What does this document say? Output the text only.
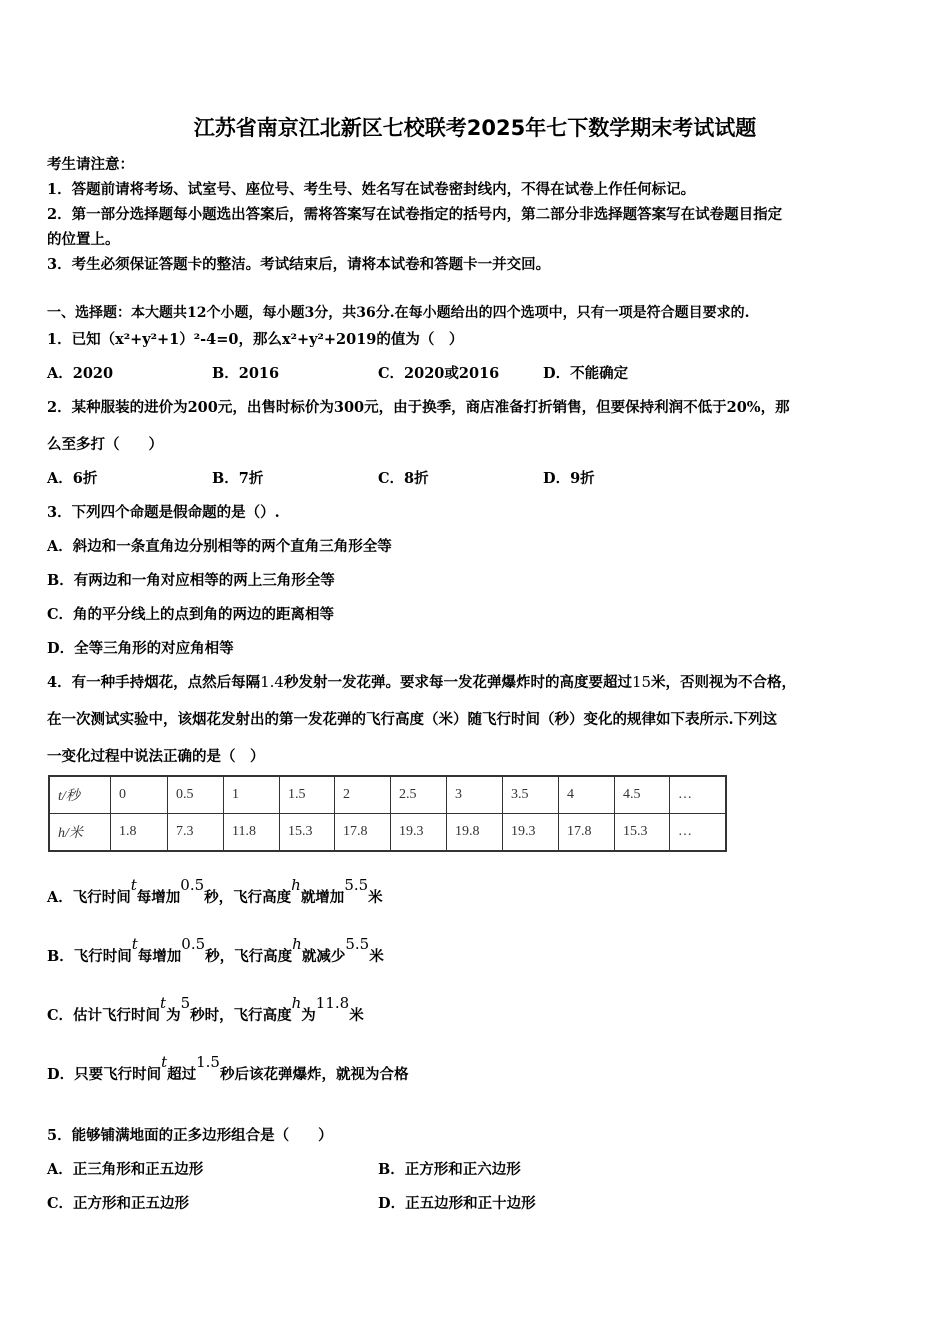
江苏省南京江北新区七校联考2025年七下数学期末考试试题
考生请注意：
1．答题前请将考场、试室号、座位号、考生号、姓名写在试卷密封线内，不得在试卷上作任何标记。
2．第一部分选择题每小题选出答案后，需将答案写在试卷指定的括号内，第二部分非选择题答案写在试卷题目指定
的位置上。
3．考生必须保证答题卡的整洁。考试结束后，请将本试卷和答题卡一并交回。
一、选择题：本大题共12个小题，每小题3分，共36分.在每小题给出的四个选项中，只有一项是符合题目要求的.
1．已知（x²+y²+1）²-4=0，那么x²+y²+2019的值为（　）
A．2020	B．2016	C．2020或2016	D．不能确定
2．某种服装的进价为200元，出售时标价为300元，由于换季，商店准备打折销售，但要保持利润不低于20%，那
么至多打（　　）
A．6折	B．7折	C．8折	D．9折
3．下列四个命题是假命题的是（）.
A．斜边和一条直角边分别相等的两个直角三角形全等
B．有两边和一角对应相等的两上三角形全等
C．角的平分线上的点到角的两边的距离相等
D．全等三角形的对应角相等
4．有一种手持烟花，点然后每隔1.4秒发射一发花弹。要求每一发花弹爆炸时的高度要超过15米，否则视为不合格，
在一次测试实验中，该烟花发射出的第一发花弹的飞行高度（米）随飞行时间（秒）变化的规律如下表所示.下列这
一变化过程中说法正确的是（　）
t/秒	0	0.5	1	1.5	2	2.5	3	3.5	4	4.5	…
h/米	1.8	7.3	11.8	15.3	17.8	19.3	19.8	19.3	17.8	15.3	…
A．飞行时间t每增加0.5秒，飞行高度h就增加5.5米
B．飞行时间t每增加0.5秒，飞行高度h就减少5.5米
C．估计飞行时间t为5秒时，飞行高度h为11.8米
D．只要飞行时间t超过1.5秒后该花弹爆炸，就视为合格
5．能够铺满地面的正多边形组合是（　　）
A．正三角形和正五边形	B．正方形和正六边形
C．正方形和正五边形	D．正五边形和正十边形
